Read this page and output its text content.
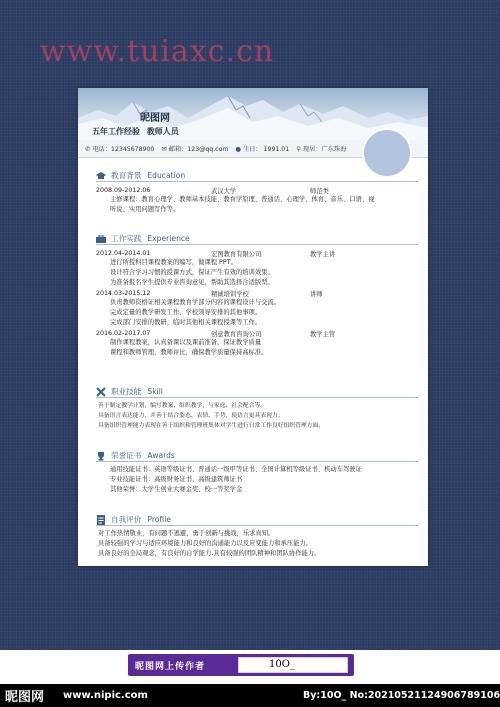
www.tuiaxc.cn
昵图网
五年工作经验 教师人员
✆ 电话：12345678900 ✉ 邮箱：123@qq.com ● 生日： 1991.01 ⚲ 现居：广东珠海
教育背景 Education
2008.09-2012.06	武汉大学	师范类
主修课程：教育心理学、教师基本技能、教育学原理、普通话、心理学、体育、音乐、口语、视
听说、实用问题写作等。
工作实践 Experience
2012.04-2014.01	宏图教育有限公司	教学主讲
进行所授科目课程教案的编写，做课程 PPT。
设计符合学习习惯的授课方式，保证产生有效的培训效果。
为准备报名学生提供专业咨询意见，帮助其选择合适版型。
2014.03-2015.12	精诚培训学校	讲师
负责教师资格证相关课程教育学部分内容的课程设计与交流。
完成定量的教学研发工作、学校领导安排的其他事项。
完成部门安排的教研、临时其他相关课程授课等工作。
2016.02-2017.07	创意教育咨询公司	教学主管
制作课程教案，认真备课以及课前准备，保证教学质量
课程和教师管理，教师评比，确保教学质量保持高标准。
职业技能 Skill
善于制定教学计划、编写教案，组织教学、与家庭、社会配合等。
具备语言表达能力，并善于结合姿态、表情、手势，使语言更具表现力；
具备组织管理能力表现在善于组织和管理班集体对学生进行日常工作良好组织管理方面。
荣誉证书 Awards
通用技能证书：英语等级证书、普通话一级甲等证书、全国计算机等级证书、机动车驾驶证
专业技能证书：高级财务证书、高级建筑师证书
其他荣誉：大学生创业大赛金奖、校一等奖学金
自我评价 Profile
对工作热情敬业，有问题不逃避，勇于创新与挑战，乐求真知。
具备较强的学习与适应环境能力和良好的沟通能力以及应变能力和承压能力。
具备良好的全局观念，有良好的自学能力,具有较强的团队精神和团队协作能力。
昵图网上传作者	10O_
昵图网 www.nipic.com	By:10O_ No:20210521124906789106
